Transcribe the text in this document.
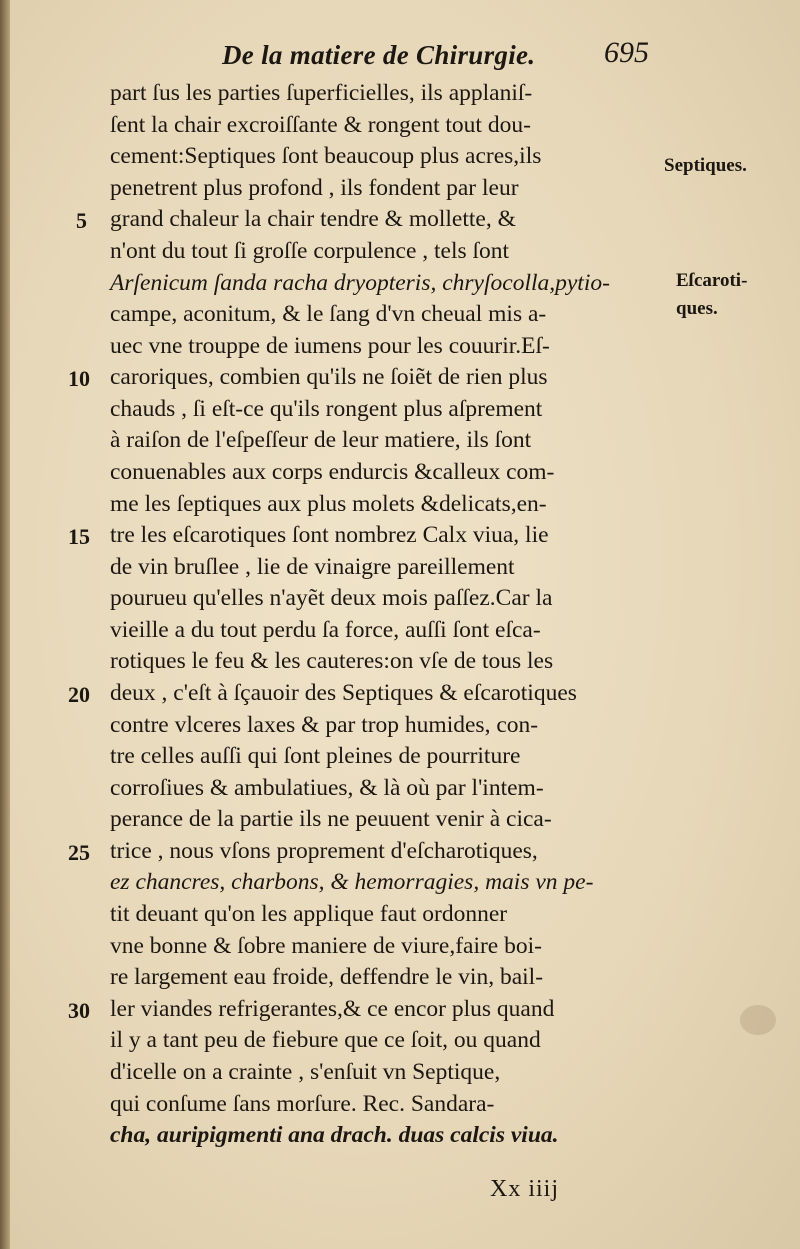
De la matiere de Chirurgie. 695
part ſus les parties ſuperficielles, ils applaniſ-
ſent la chair excroiſſante & rongent tout dou-
cement:Septiques ſont beaucoup plus acres,ils
penetrent plus profond , ils fondent par leur
grand chaleur la chair tendre & mollette, &
n'ont du tout ſi groſſe corpulence , tels ſont
Arſenicum ſanda racha dryopteris, chryſocolla,pytio-
campe, aconitum, & le ſang d'vn cheual mis a-
uec vne trouppe de iumens pour les couurir.Eſ-
caroriques, combien qu'ils ne ſoiẽt de rien plus
chauds , ſi eſt-ce qu'ils rongent plus aſprement
à raiſon de l'eſpeſſeur de leur matiere, ils ſont
conuenables aux corps endurcis &calleux com-
me les ſeptiques aux plus molets &delicats,en-
tre les eſcarotiques ſont nombrez Calx viua, lie
de vin bruſlee , lie de vinaigre pareillement
pourueu qu'elles n'ayẽt deux mois paſſez.Car la
vieille a du tout perdu ſa force, auſſi ſont eſca-
rotiques le feu & les cauteres:on vſe de tous les
deux , c'eſt à ſçauoir des Septiques & eſcarotiques
contre vlceres laxes & par trop humides, con-
tre celles auſſi qui ſont pleines de pourriture
corroſiues & ambulatiues, & là où par l'intem-
perance de la partie ils ne peuuent venir à cica-
trice , nous vſons proprement d'eſcharotiques,
ez chancres, charbons, & hemorragies, mais vn pe-
tit deuant qu'on les applique faut ordonner
vne bonne & ſobre maniere de viure,faire boi-
re largement eau froide, deffendre le vin, bail-
ler viandes refrigerantes,& ce encor plus quand
il y a tant peu de fiebure que ce ſoit, ou quand
d'icelle on a crainte , s'enſuit vn Septique,
qui conſume ſans morſure. Rec. Sandara-
cha, auripigmenti ana drach. duas calcis viua.
5
10
15
20
25
30
Septiques.
Eſcaroti-
ques.
Xx iiij
